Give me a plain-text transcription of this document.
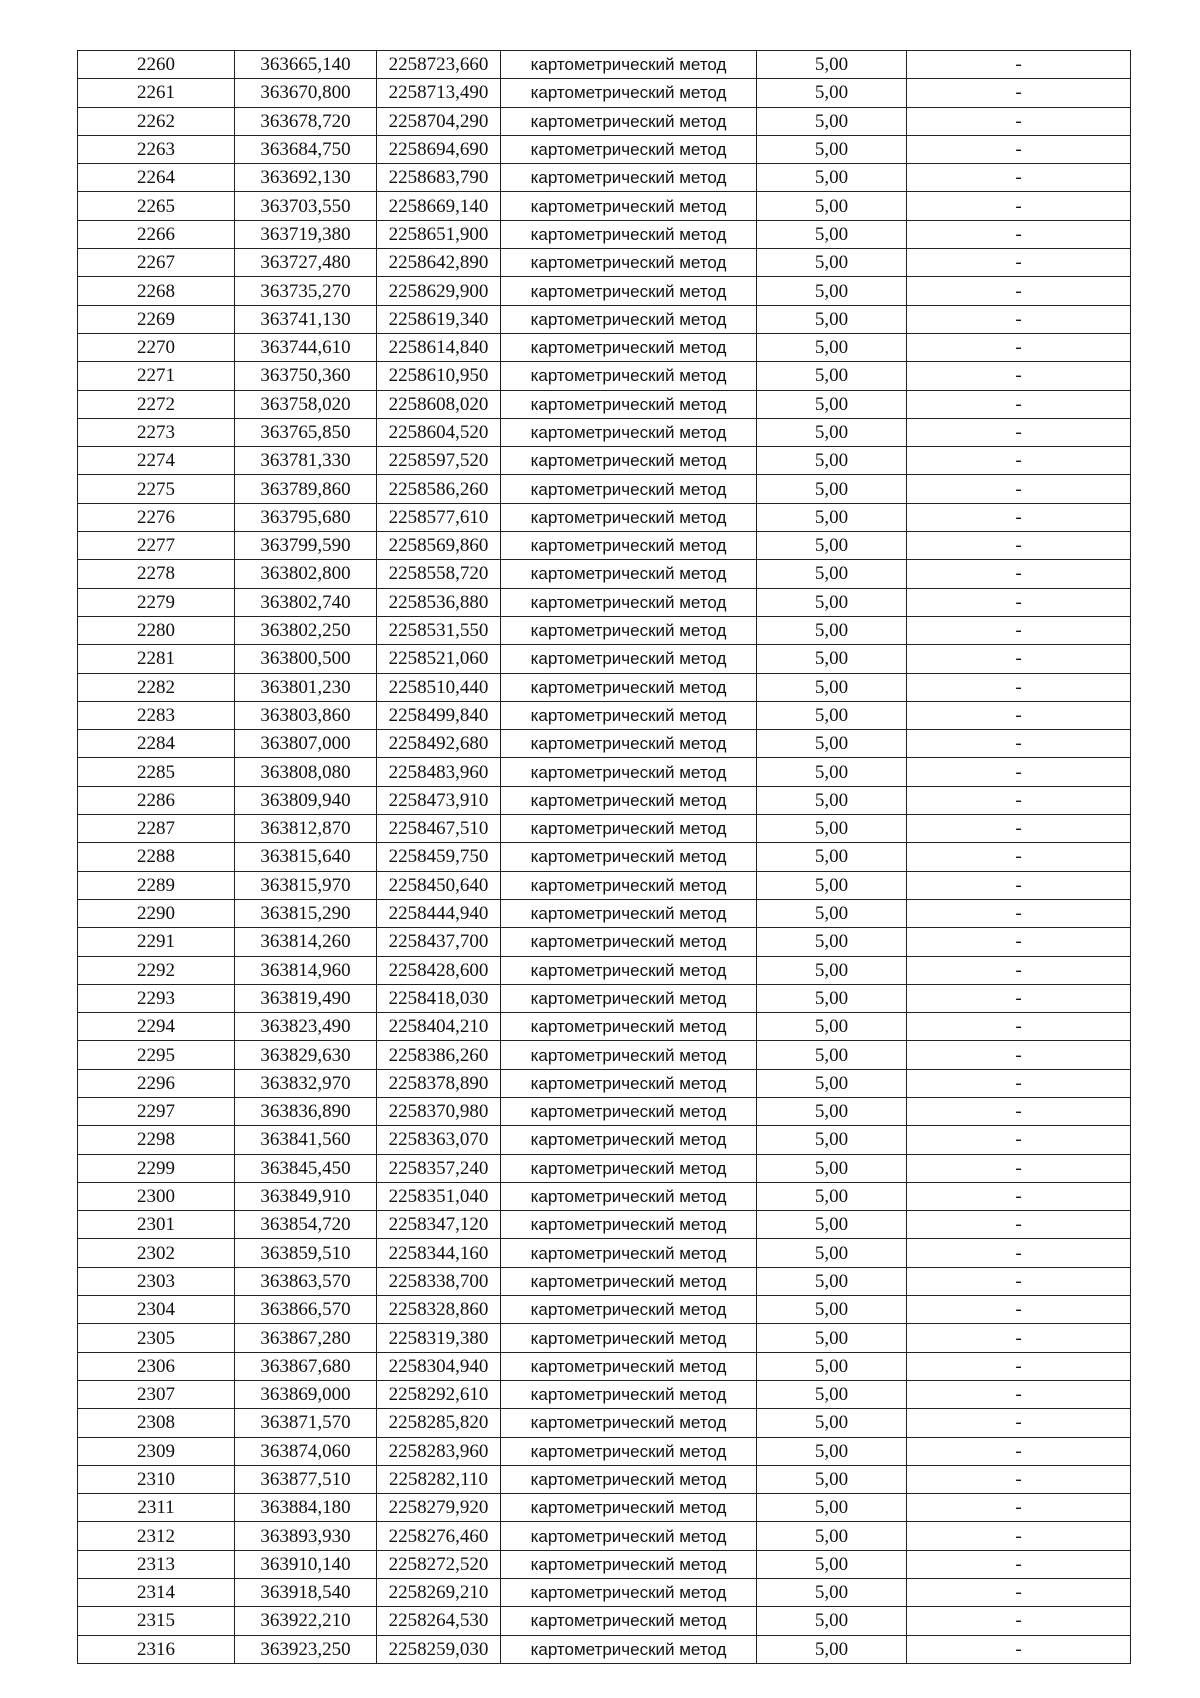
2260	363665,140	2258723,660	картометрический метод	5,00	-
2261	363670,800	2258713,490	картометрический метод	5,00	-
2262	363678,720	2258704,290	картометрический метод	5,00	-
2263	363684,750	2258694,690	картометрический метод	5,00	-
2264	363692,130	2258683,790	картометрический метод	5,00	-
2265	363703,550	2258669,140	картометрический метод	5,00	-
2266	363719,380	2258651,900	картометрический метод	5,00	-
2267	363727,480	2258642,890	картометрический метод	5,00	-
2268	363735,270	2258629,900	картометрический метод	5,00	-
2269	363741,130	2258619,340	картометрический метод	5,00	-
2270	363744,610	2258614,840	картометрический метод	5,00	-
2271	363750,360	2258610,950	картометрический метод	5,00	-
2272	363758,020	2258608,020	картометрический метод	5,00	-
2273	363765,850	2258604,520	картометрический метод	5,00	-
2274	363781,330	2258597,520	картометрический метод	5,00	-
2275	363789,860	2258586,260	картометрический метод	5,00	-
2276	363795,680	2258577,610	картометрический метод	5,00	-
2277	363799,590	2258569,860	картометрический метод	5,00	-
2278	363802,800	2258558,720	картометрический метод	5,00	-
2279	363802,740	2258536,880	картометрический метод	5,00	-
2280	363802,250	2258531,550	картометрический метод	5,00	-
2281	363800,500	2258521,060	картометрический метод	5,00	-
2282	363801,230	2258510,440	картометрический метод	5,00	-
2283	363803,860	2258499,840	картометрический метод	5,00	-
2284	363807,000	2258492,680	картометрический метод	5,00	-
2285	363808,080	2258483,960	картометрический метод	5,00	-
2286	363809,940	2258473,910	картометрический метод	5,00	-
2287	363812,870	2258467,510	картометрический метод	5,00	-
2288	363815,640	2258459,750	картометрический метод	5,00	-
2289	363815,970	2258450,640	картометрический метод	5,00	-
2290	363815,290	2258444,940	картометрический метод	5,00	-
2291	363814,260	2258437,700	картометрический метод	5,00	-
2292	363814,960	2258428,600	картометрический метод	5,00	-
2293	363819,490	2258418,030	картометрический метод	5,00	-
2294	363823,490	2258404,210	картометрический метод	5,00	-
2295	363829,630	2258386,260	картометрический метод	5,00	-
2296	363832,970	2258378,890	картометрический метод	5,00	-
2297	363836,890	2258370,980	картометрический метод	5,00	-
2298	363841,560	2258363,070	картометрический метод	5,00	-
2299	363845,450	2258357,240	картометрический метод	5,00	-
2300	363849,910	2258351,040	картометрический метод	5,00	-
2301	363854,720	2258347,120	картометрический метод	5,00	-
2302	363859,510	2258344,160	картометрический метод	5,00	-
2303	363863,570	2258338,700	картометрический метод	5,00	-
2304	363866,570	2258328,860	картометрический метод	5,00	-
2305	363867,280	2258319,380	картометрический метод	5,00	-
2306	363867,680	2258304,940	картометрический метод	5,00	-
2307	363869,000	2258292,610	картометрический метод	5,00	-
2308	363871,570	2258285,820	картометрический метод	5,00	-
2309	363874,060	2258283,960	картометрический метод	5,00	-
2310	363877,510	2258282,110	картометрический метод	5,00	-
2311	363884,180	2258279,920	картометрический метод	5,00	-
2312	363893,930	2258276,460	картометрический метод	5,00	-
2313	363910,140	2258272,520	картометрический метод	5,00	-
2314	363918,540	2258269,210	картометрический метод	5,00	-
2315	363922,210	2258264,530	картометрический метод	5,00	-
2316	363923,250	2258259,030	картометрический метод	5,00	-
